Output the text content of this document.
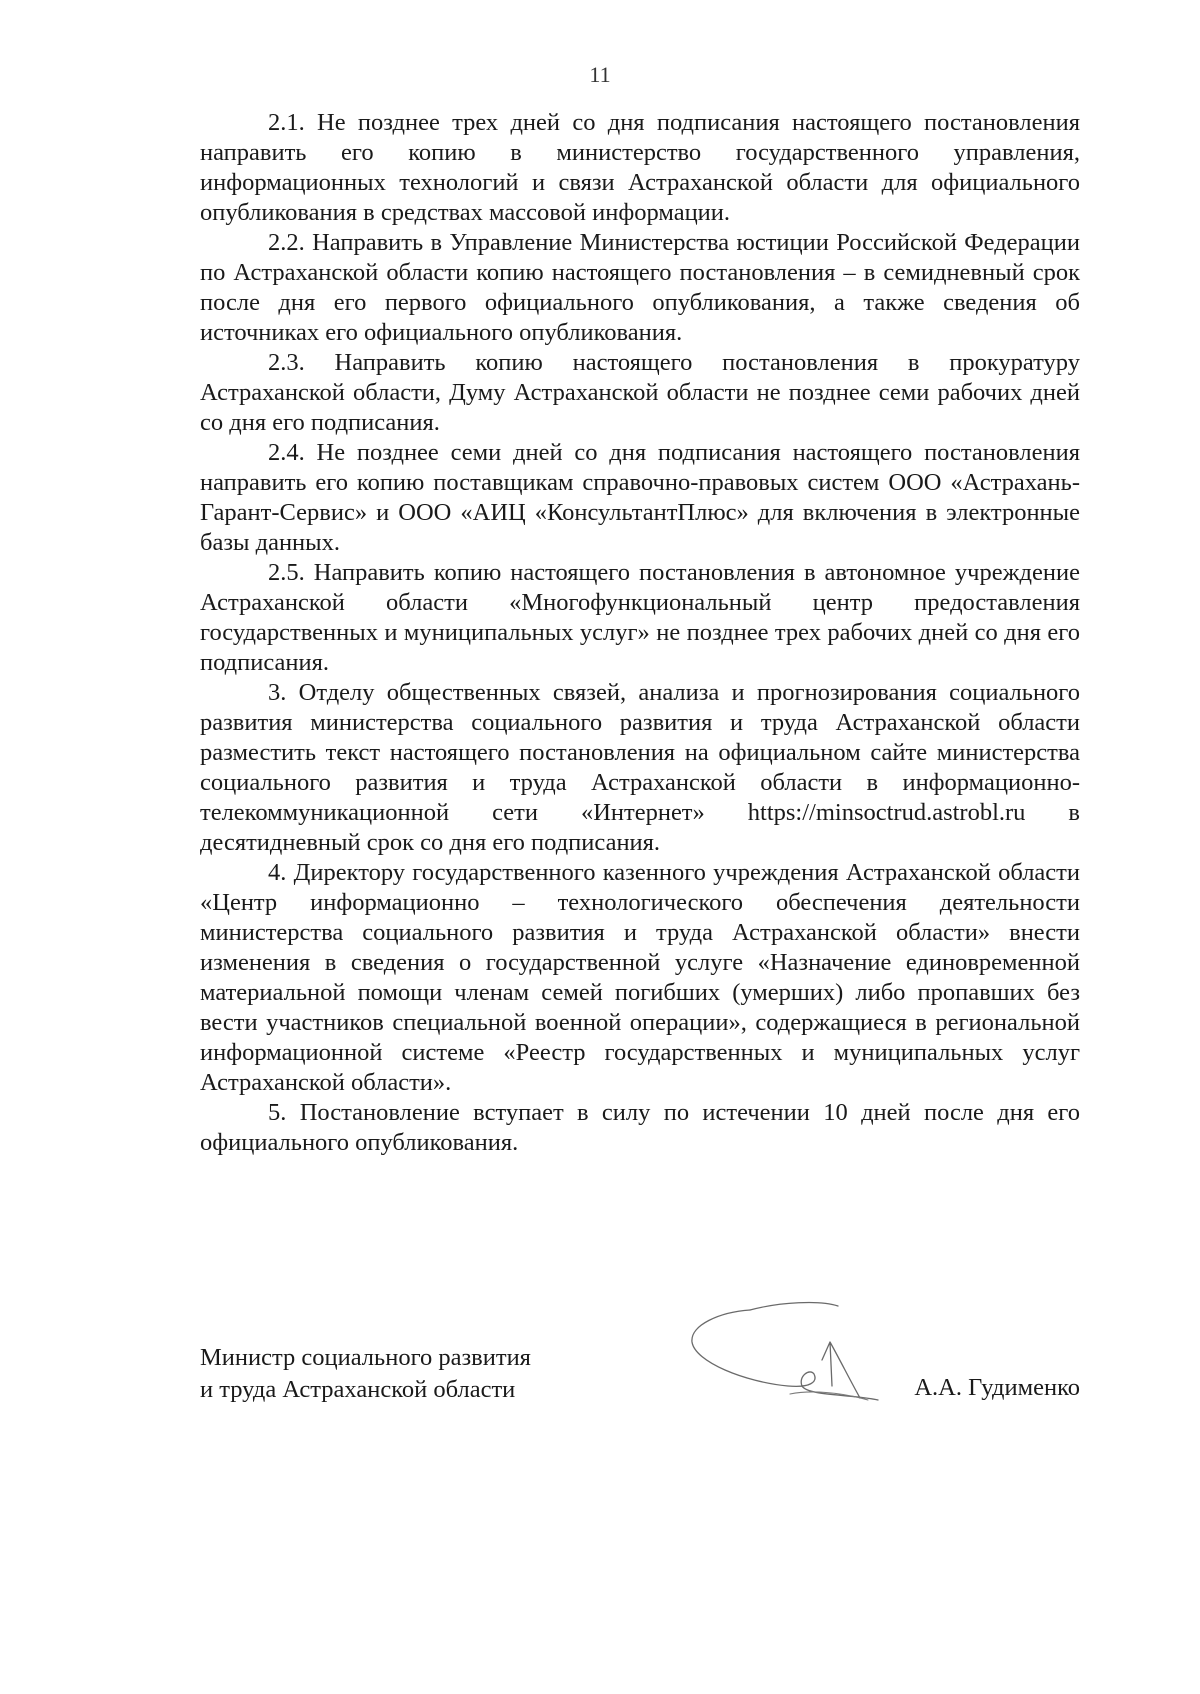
11

2.1. Не позднее трех дней со дня подписания настоящего постановления направить его копию в министерство государственного управления, информационных технологий и связи Астраханской области для официального опубликования в средствах массовой информации.

2.2. Направить в Управление Министерства юстиции Российской Федерации по Астраханской области копию настоящего постановления – в семидневный срок после дня его первого официального опубликования, а также сведения об источниках его официального опубликования.

2.3. Направить копию настоящего постановления в прокуратуру Астраханской области, Думу Астраханской области не позднее семи рабочих дней со дня его подписания.

2.4. Не позднее семи дней со дня подписания настоящего постановления направить его копию поставщикам справочно-правовых систем ООО «Астрахань-Гарант-Сервис» и ООО «АИЦ «КонсультантПлюс» для включения в электронные базы данных.

2.5. Направить копию настоящего постановления в автономное учреждение Астраханской области «Многофункциональный центр предоставления государственных и муниципальных услуг» не позднее трех рабочих дней со дня его подписания.

3. Отделу общественных связей, анализа и прогнозирования социального развития министерства социального развития и труда Астраханской области разместить текст настоящего постановления на официальном сайте министерства социального развития и труда Астраханской области в информационно-телекоммуникационной сети «Интернет» https://minsoctrud.astrobl.ru в десятидневный срок со дня его подписания.

4. Директору государственного казенного учреждения Астраханской области «Центр информационно – технологического обеспечения деятельности министерства социального развития и труда Астраханской области» внести изменения в сведения о государственной услуге «Назначение единовременной материальной помощи членам семей погибших (умерших) либо пропавших без вести участников специальной военной операции», содержащиеся в региональной информационной системе «Реестр государственных и муниципальных услуг Астраханской области».

5. Постановление вступает в силу по истечении 10 дней после дня его официального опубликования.

Министр социального развития
и труда Астраханской области	А.А. Гудименко
